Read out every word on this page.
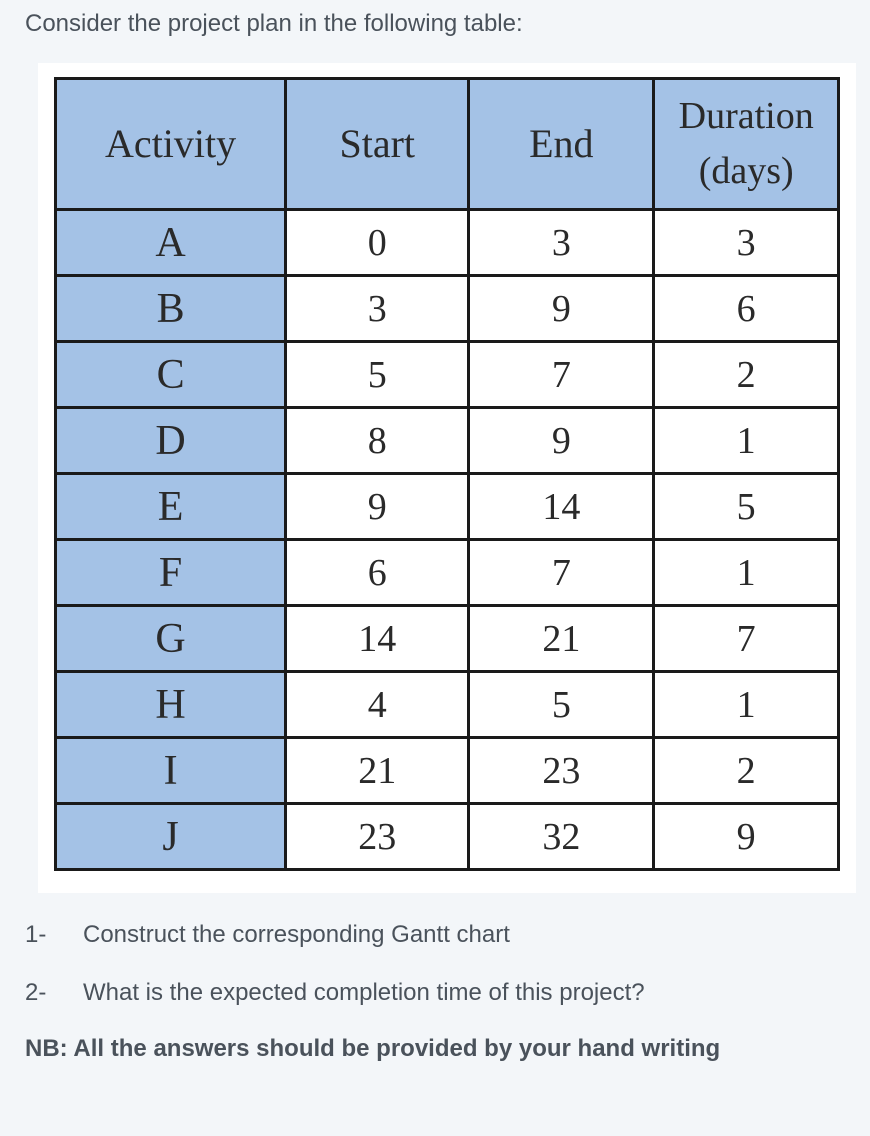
Consider the project plan in the following table:

Activity	Start	End	Duration
(days)
A	0	3	3
B	3	9	6
C	5	7	2
D	8	9	1
E	9	14	5
F	6	7	1
G	14	21	7
H	4	5	1
I	21	23	2
J	23	32	9
1- Construct the corresponding Gantt chart
2- What is the expected completion time of this project?
NB: All the answers should be provided by your hand writing
